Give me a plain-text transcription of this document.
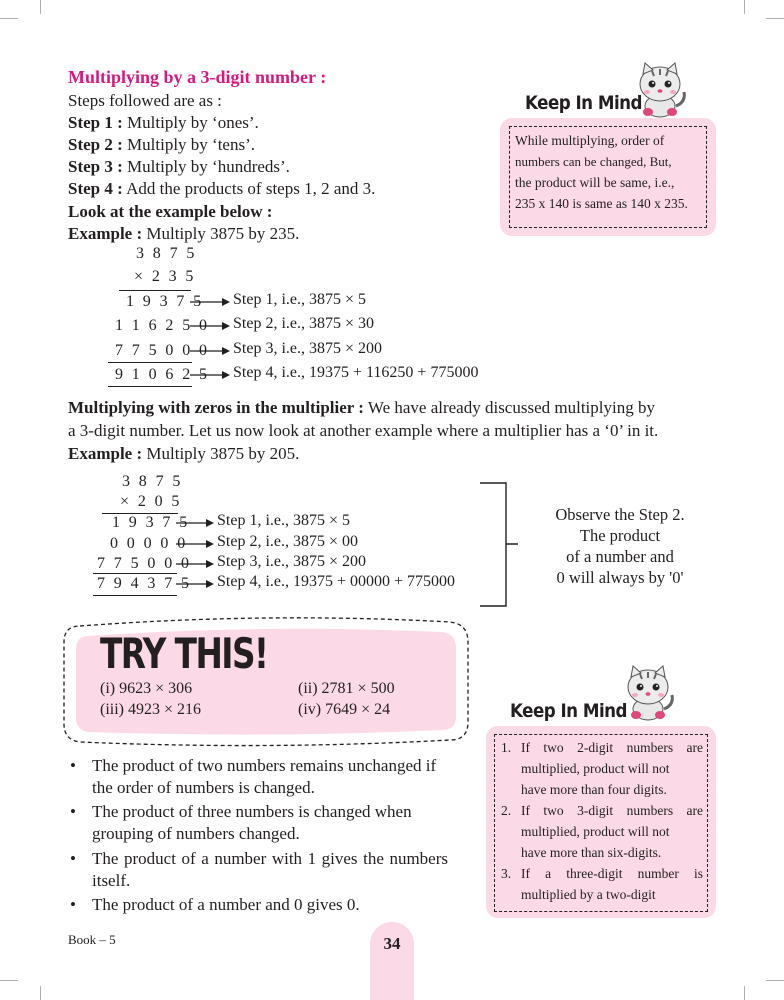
Multiplying by a 3-digit number :
Steps followed are as :
Step 1 : Multiply by ‘ones’.
Step 2 : Multiply by ‘tens’.
Step 3 : Multiply by ‘hundreds’.
Step 4 : Add the products of steps 1, 2 and 3.
Look at the example below :
Example : Multiply 3875 by 235.
3 8 7 5
× 2 3 5
1 9 3 7 5 Step 1, i.e., 3875 × 5
1 1 6 2 5 0 Step 2, i.e., 3875 × 30
7 7 5 0 0 0 Step 3, i.e., 3875 × 200
9 1 0 6 2 5 Step 4, i.e., 19375 + 116250 + 775000
Keep In Mind
While multiplying, order of
numbers can be changed, But,
the product will be same, i.e.,
235 x 140 is same as 140 x 235.
Multiplying with zeros in the multiplier : We have already discussed multiplying by
a 3-digit number. Let us now look at another example where a multiplier has a ‘0’ in it.
Example : Multiply 3875 by 205.
3 8 7 5
× 2 0 5
1 9 3 7 5 Step 1, i.e., 3875 × 5
0 0 0 0 0 Step 2, i.e., 3875 × 00
7 7 5 0 0 0 Step 3, i.e., 3875 × 200
7 9 4 3 7 5 Step 4, i.e., 19375 + 00000 + 775000
Observe the Step 2.
The product
of a number and
0 will always by '0'
TRY THIS!
(i) 9623 × 306	(ii) 2781 × 500
(iii) 4923 × 216	(iv) 7649 × 24
• The product of two numbers remains unchanged if the order of numbers is changed.
• The product of three numbers is changed when grouping of numbers changed.
• The product of a number with 1 gives the numbers itself.
• The product of a number and 0 gives 0.
Keep In Mind
1. If two 2-digit numbers are
multiplied, product will not
have more than four digits.
2. If two 3-digit numbers are
multiplied, product will not
have more than six-digits.
3. If a three-digit number is
multiplied by a two-digit
Book – 5	34
